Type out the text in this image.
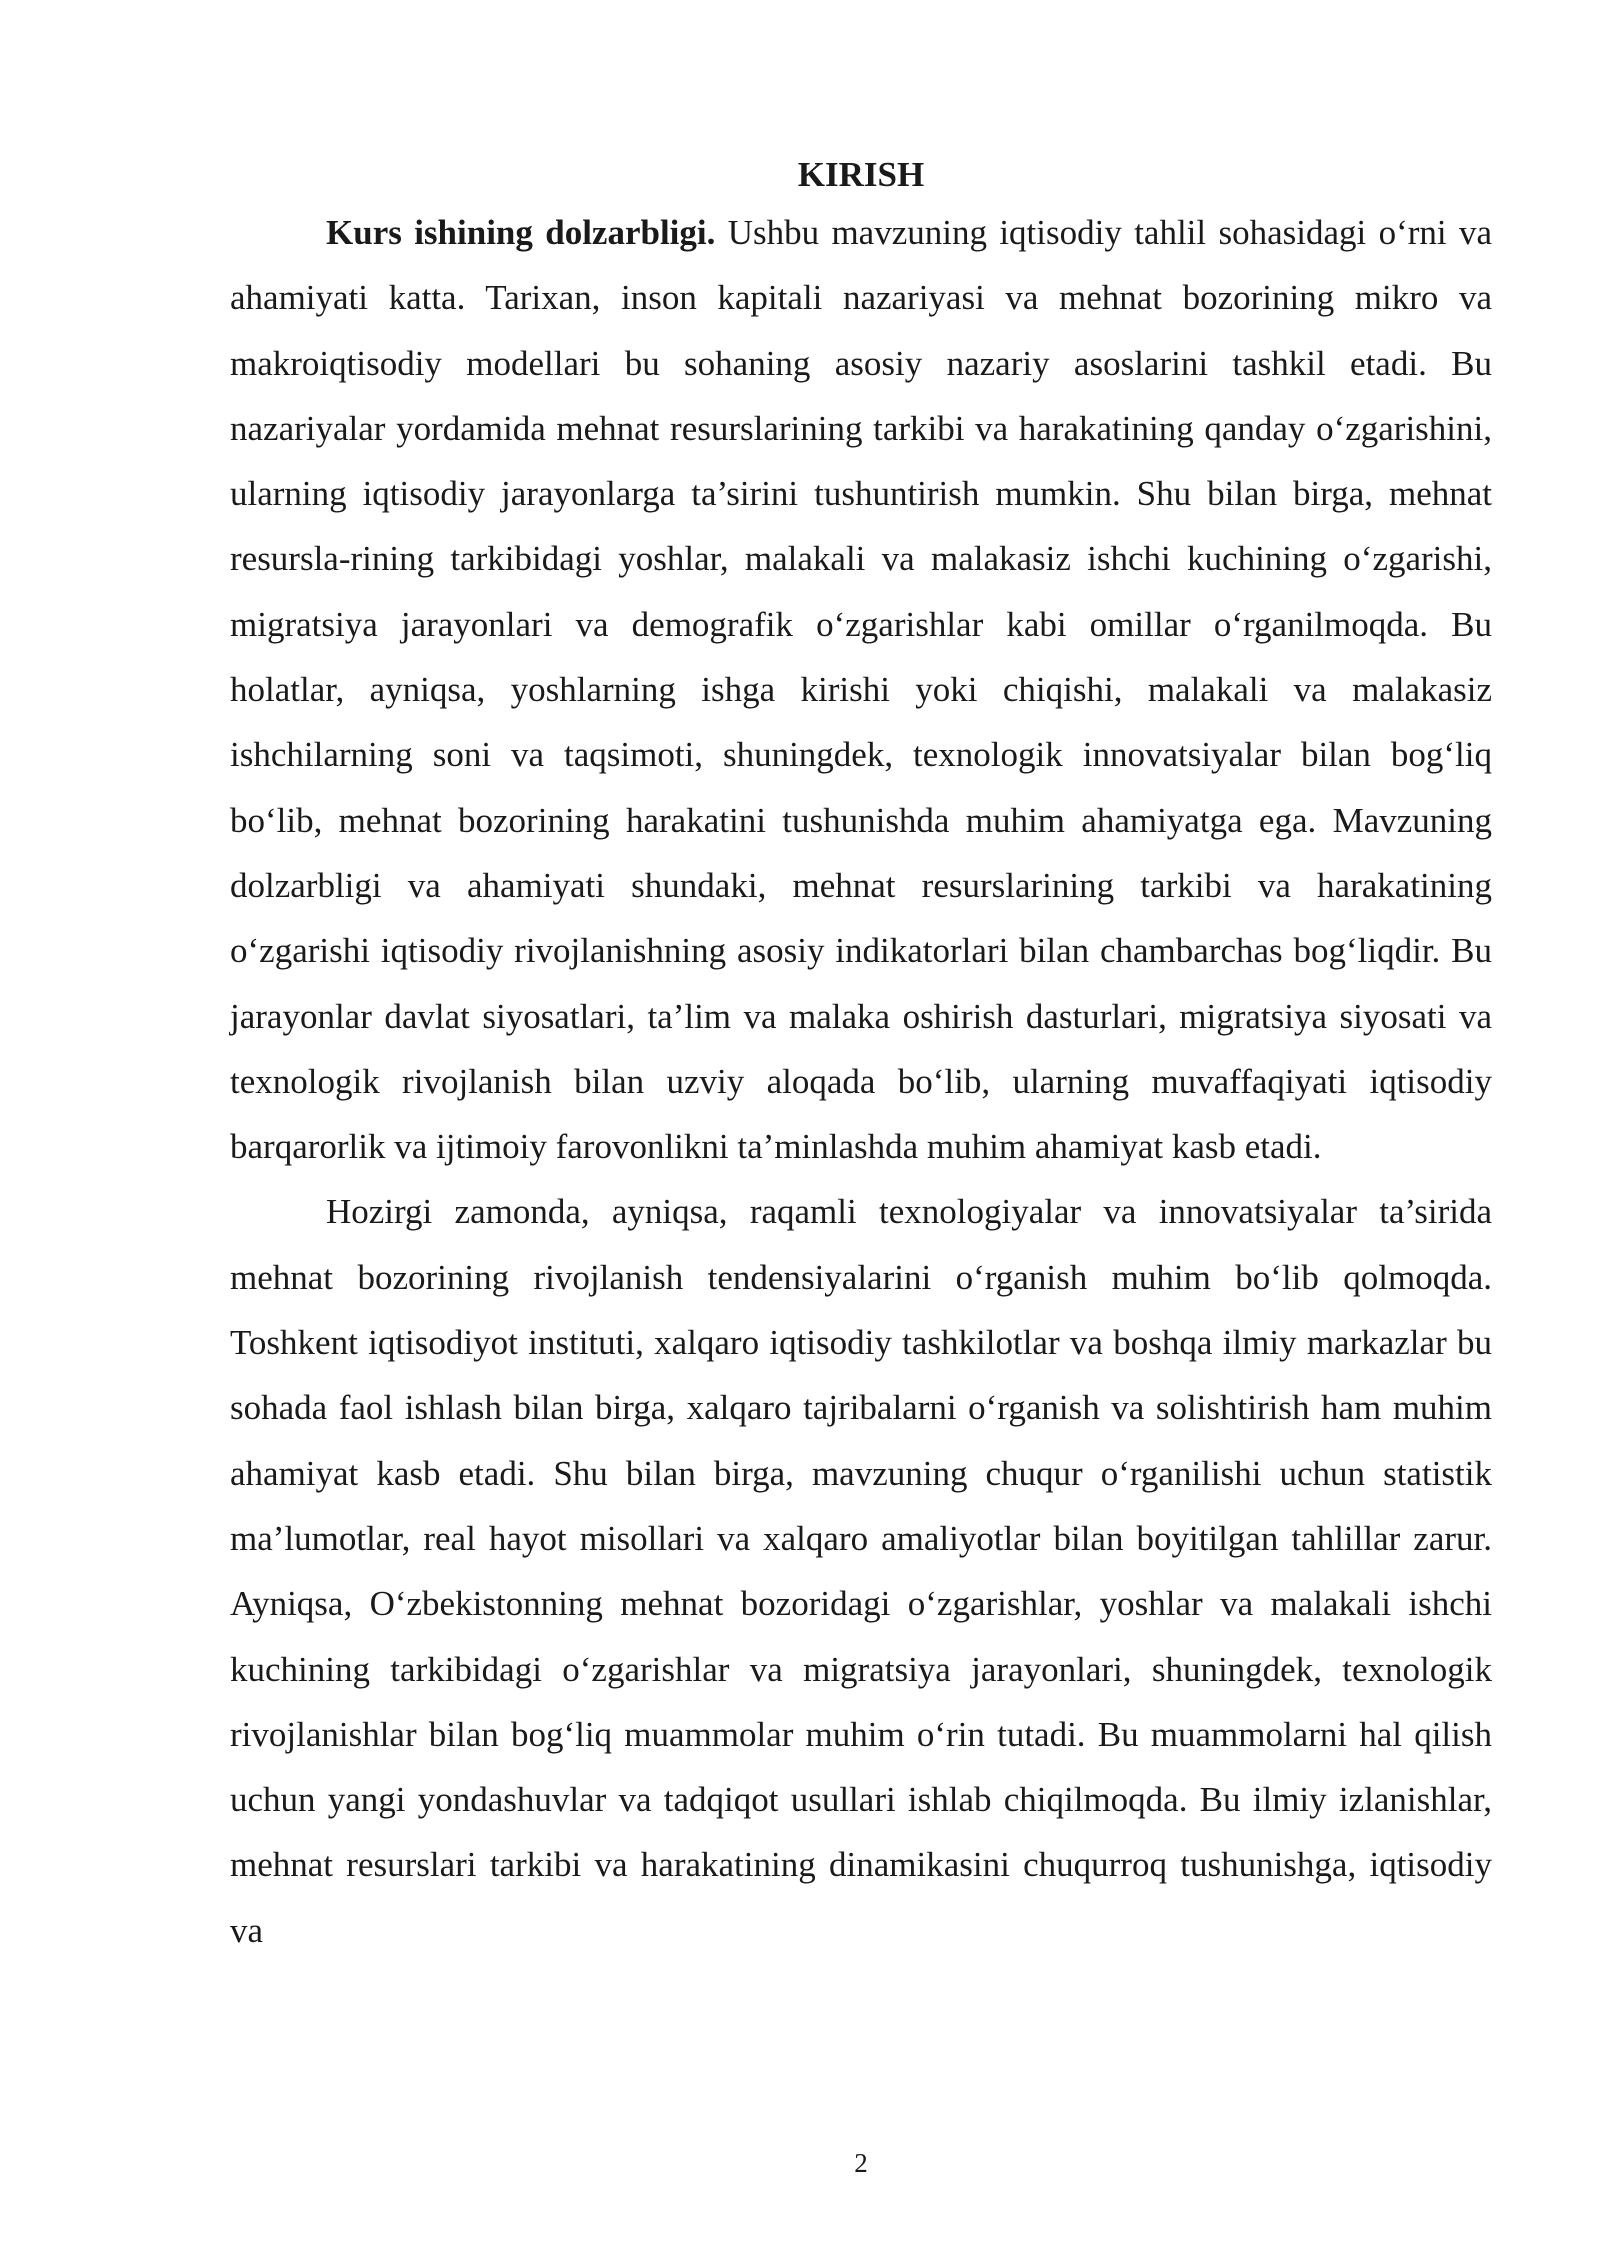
KIRISH

Kurs ishining dolzarbligi. Ushbu mavzuning iqtisodiy tahlil sohasidagi o‘rni va ahamiyati katta. Tarixan, inson kapitali nazariyasi va mehnat bozorining mikro va makroiqtisodiy modellari bu sohaning asosiy nazariy asoslarini tashkil etadi. Bu nazariyalar yordamida mehnat resurslarining tarkibi va harakatining qanday o‘zgarishini, ularning iqtisodiy jarayonlarga ta’sirini tushuntirish mumkin. Shu bilan birga, mehnat resursla-rining tarkibidagi yoshlar, malakali va malakasiz ishchi kuchining o‘zgarishi, migratsiya jarayonlari va demografik o‘zgarishlar kabi omillar o‘rganilmoqda. Bu holatlar, ayniqsa, yoshlarning ishga kirishi yoki chiqishi, malakali va malakasiz ishchilarning soni va taqsimoti, shuningdek, texnologik innovatsiyalar bilan bog‘liq bo‘lib, mehnat bozorining harakatini tushunishda muhim ahamiyatga ega. Mavzuning dolzarbligi va ahamiyati shundaki, mehnat resurslarining tarkibi va harakatining o‘zgarishi iqtisodiy rivojlanishning asosiy indikatorlari bilan chambarchas bog‘liqdir. Bu jarayonlar davlat siyosatlari, ta’lim va malaka oshirish dasturlari, migratsiya siyosati va texnologik rivojlanish bilan uzviy aloqada bo‘lib, ularning muvaffaqiyati iqtisodiy barqarorlik va ijtimoiy farovonlikni ta’minlashda muhim ahamiyat kasb etadi.

Hozirgi zamonda, ayniqsa, raqamli texnologiyalar va innovatsiyalar ta’sirida mehnat bozorining rivojlanish tendensiyalarini o‘rganish muhim bo‘lib qolmoqda. Toshkent iqtisodiyot instituti, xalqaro iqtisodiy tashkilotlar va boshqa ilmiy markazlar bu sohada faol ishlash bilan birga, xalqaro tajribalarni o‘rganish va solishtirish ham muhim ahamiyat kasb etadi. Shu bilan birga, mavzuning chuqur o‘rganilishi uchun statistik ma’lumotlar, real hayot misollari va xalqaro amaliyotlar bilan boyitilgan tahlillar zarur. Ayniqsa, O‘zbekistonning mehnat bozoridagi o‘zgarishlar, yoshlar va malakali ishchi kuchining tarkibidagi o‘zgarishlar va migratsiya jarayonlari, shuningdek, texnologik rivojlanishlar bilan bog‘liq muammolar muhim o‘rin tutadi. Bu muammolarni hal qilish uchun yangi yondashuvlar va tadqiqot usullari ishlab chiqilmoqda. Bu ilmiy izlanishlar, mehnat resurslari tarkibi va harakatining dinamikasini chuqurroq tushunishga, iqtisodiy va

2
